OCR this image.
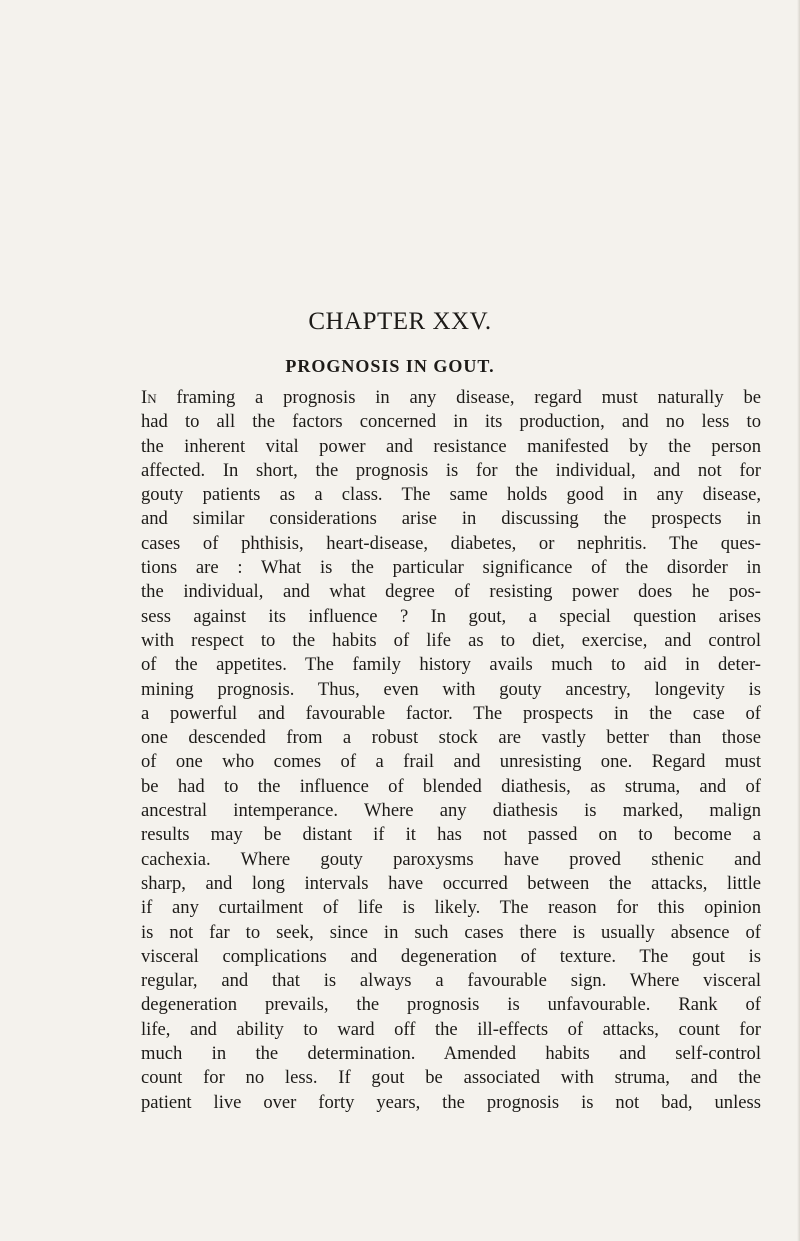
CHAPTER XXV.
PROGNOSIS IN GOUT.
In framing a prognosis in any disease, regard must naturally be
had to all the factors concerned in its production, and no less to
the inherent vital power and resistance manifested by the person
affected. In short, the prognosis is for the individual, and not for
gouty patients as a class. The same holds good in any disease,
and similar considerations arise in discussing the prospects in
cases of phthisis, heart-disease, diabetes, or nephritis. The ques-
tions are : What is the particular significance of the disorder in
the individual, and what degree of resisting power does he pos-
sess against its influence ? In gout, a special question arises
with respect to the habits of life as to diet, exercise, and control
of the appetites. The family history avails much to aid in deter-
mining prognosis. Thus, even with gouty ancestry, longevity is
a powerful and favourable factor. The prospects in the case of
one descended from a robust stock are vastly better than those
of one who comes of a frail and unresisting one. Regard must
be had to the influence of blended diathesis, as struma, and of
ancestral intemperance. Where any diathesis is marked, malign
results may be distant if it has not passed on to become a
cachexia. Where gouty paroxysms have proved sthenic and
sharp, and long intervals have occurred between the attacks, little
if any curtailment of life is likely. The reason for this opinion
is not far to seek, since in such cases there is usually absence of
visceral complications and degeneration of texture. The gout is
regular, and that is always a favourable sign. Where visceral
degeneration prevails, the prognosis is unfavourable. Rank of
life, and ability to ward off the ill-effects of attacks, count for
much in the determination. Amended habits and self-control
count for no less. If gout be associated with struma, and the
patient live over forty years, the prognosis is not bad, unless
